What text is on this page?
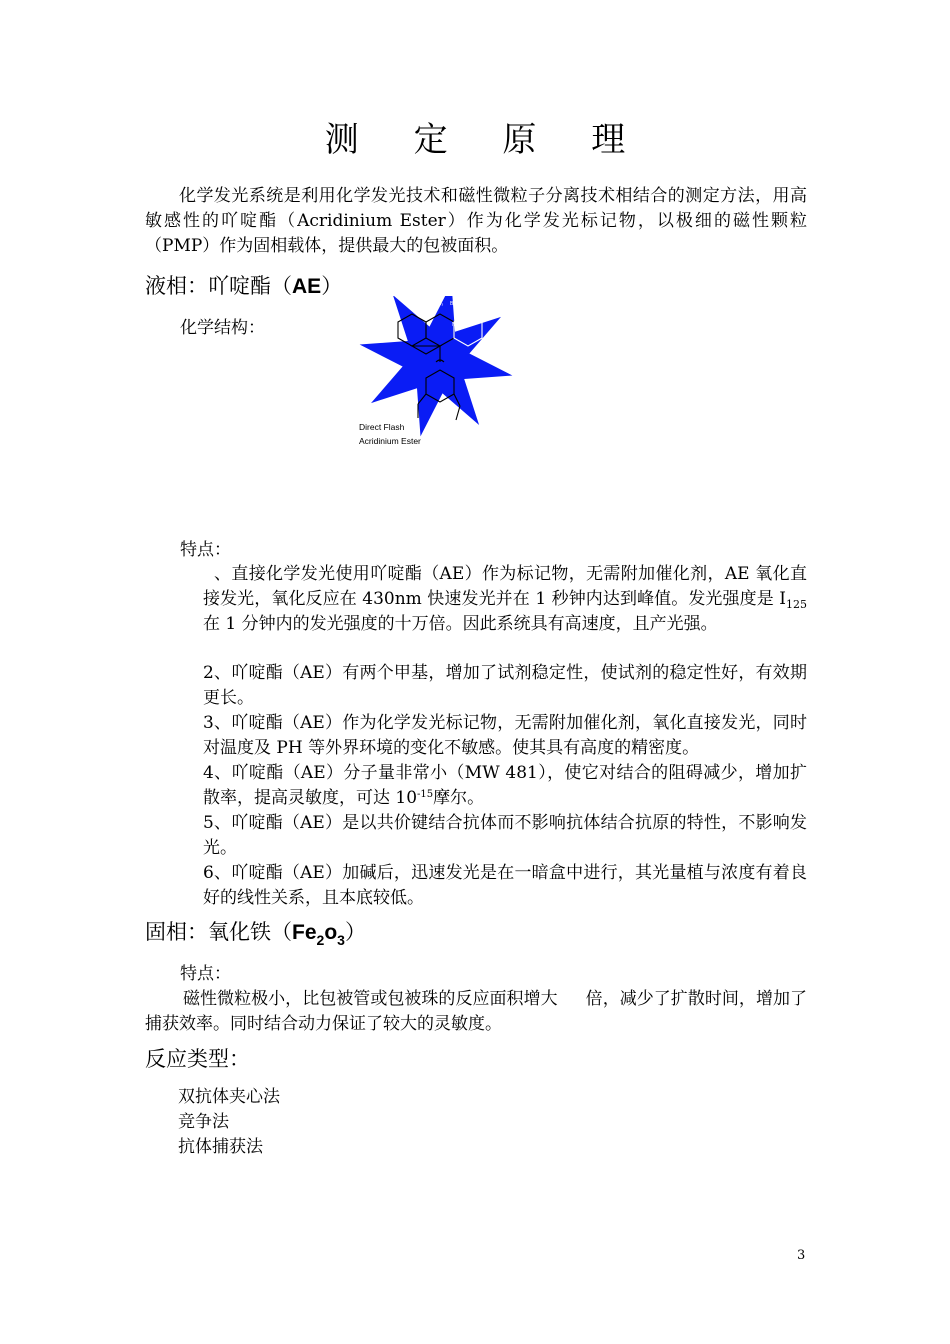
测 定 原 理
化学发光系统是利用化学发光技术和磁性微粒子分离技术相结合的测定方法，用高敏感性的吖啶酯（Acridinium Ester）作为化学发光标记物，以极细的磁性颗粒（PMP）作为固相载体，提供最大的包被面积。
液相：吖啶酯（AE）
化学结构：
CH₃ Br⁻
N⁺
Direct Flash
Acridinium Ester
特点：
、直接化学发光使用吖啶酯（AE）作为标记物，无需附加催化剂，AE 氧化直接发光，氧化反应在 430nm 快速发光并在 1 秒钟内达到峰值。发光强度是 $I_{125}$ 在 1 分钟内的发光强度的十万倍。因此系统具有高速度，且产光强。
2、吖啶酯（AE）有两个甲基，增加了试剂稳定性，使试剂的稳定性好，有效期更长。
3、吖啶酯（AE）作为化学发光标记物，无需附加催化剂，氧化直接发光，同时对温度及 PH 等外界环境的变化不敏感。使其具有高度的精密度。
4、吖啶酯（AE）分子量非常小（MW 481），使它对结合的阻碍减少，增加扩散率，提高灵敏度，可达 $10^{-15}$摩尔。
5、吖啶酯（AE）是以共价键结合抗体而不影响抗体结合抗原的特性，不影响发光。
6、吖啶酯（AE）加碱后，迅速发光是在一暗盒中进行，其光量植与浓度有着良好的线性关系，且本底较低。
固相：氧化铁$(Fe_2o_3)$
特点：
磁性微粒极小，比包被管或包被珠的反应面积增大 倍，减少了扩散时间，增加了捕获效率。同时结合动力保证了较大的灵敏度。
反应类型：
双抗体夹心法
竞争法
抗体捕获法
3
